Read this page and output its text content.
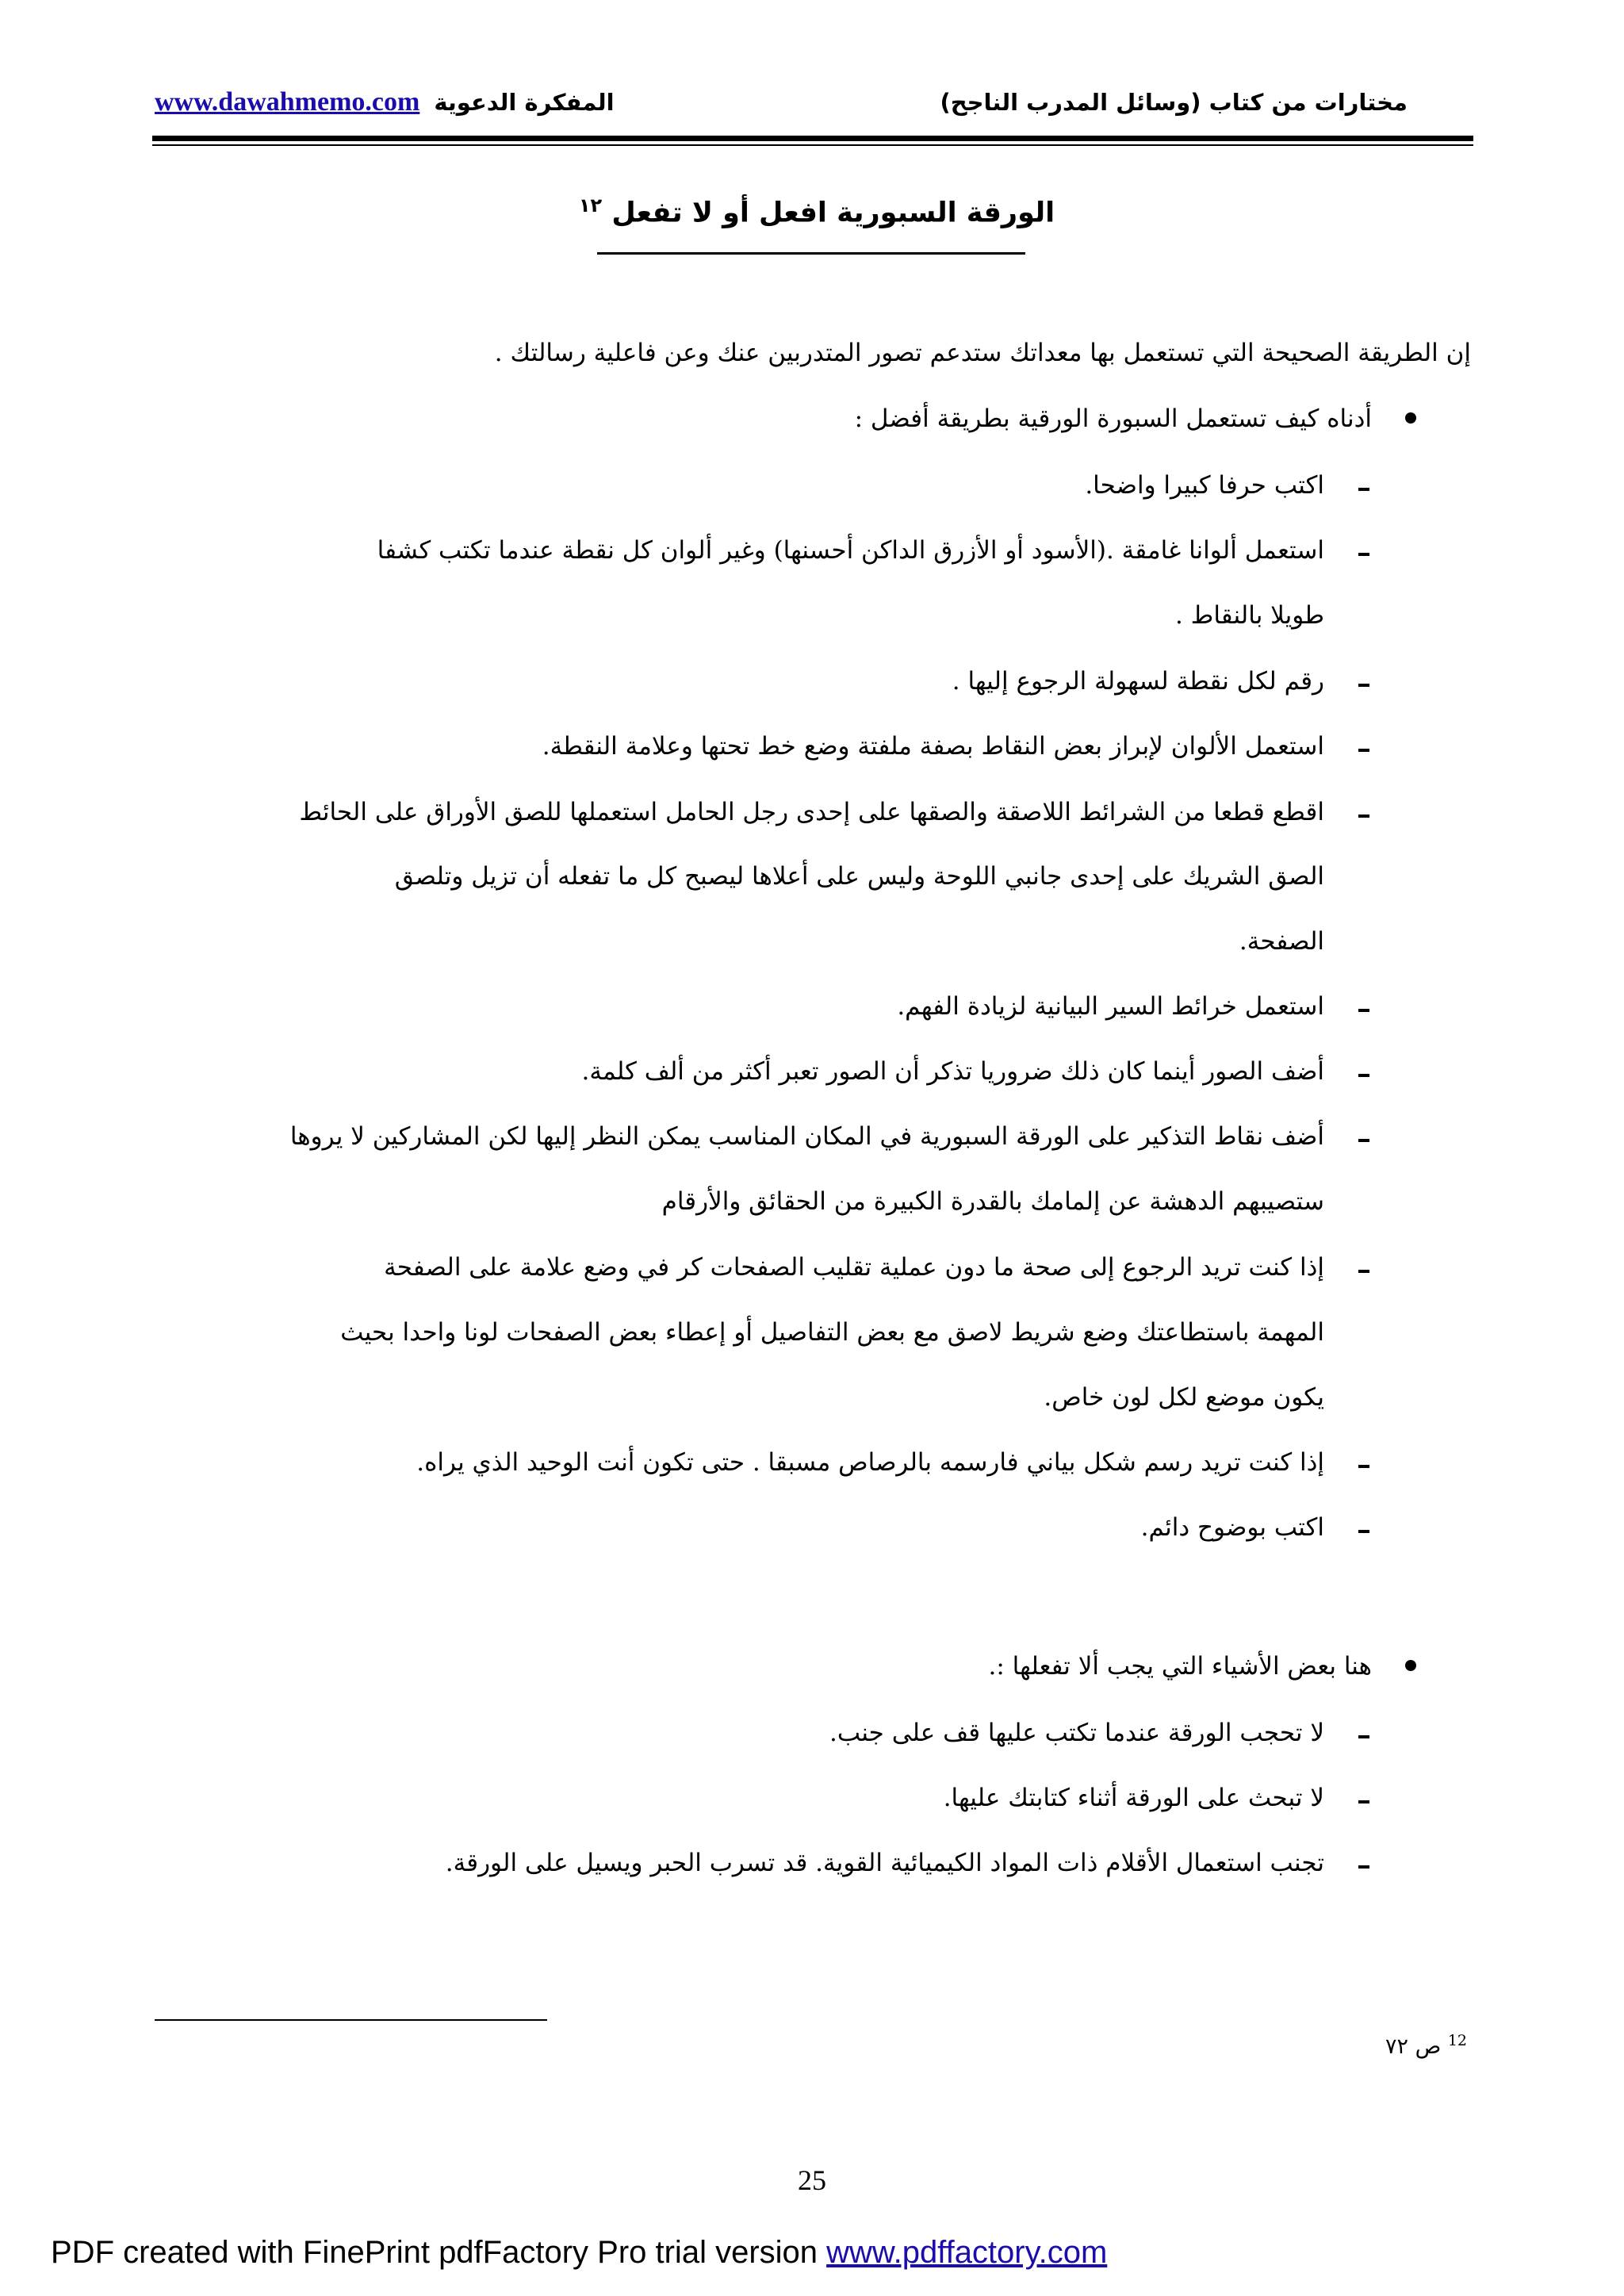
مختارات من كتاب (وسائل المدرب الناجح)
www.dawahmemo.com المفكرة الدعوية
الورقة السبورية افعل أو لا تفعل $^{١٢}$
إن الطريقة الصحيحة التي تستعمل بها معداتك ستدعم تصور المتدربين عنك وعن فاعلية رسالتك .
أدناه كيف تستعمل السبورة الورقية بطريقة أفضل :
اكتب حرفا كبيرا واضحا.
استعمل ألوانا غامقة .(الأسود أو الأزرق الداكن أحسنها) وغير ألوان كل نقطة عندما تكتب كشفا
طويلا بالنقاط .
رقم لكل نقطة لسهولة الرجوع إليها .
استعمل الألوان لإبراز بعض النقاط بصفة ملفتة وضع خط تحتها وعلامة النقطة.
اقطع قطعا من الشرائط اللاصقة والصقها على إحدى رجل الحامل استعملها للصق الأوراق على الحائط
الصق الشريك على إحدى جانبي اللوحة وليس على أعلاها ليصبح كل ما تفعله أن تزيل وتلصق
الصفحة.
استعمل خرائط السير البيانية لزيادة الفهم.
أضف الصور أينما كان ذلك ضروريا تذكر أن الصور تعبر أكثر من ألف كلمة.
أضف نقاط التذكير على الورقة السبورية في المكان المناسب يمكن النظر إليها لكن المشاركين لا يروها
ستصيبهم الدهشة عن إلمامك بالقدرة الكبيرة من الحقائق والأرقام
إذا كنت تريد الرجوع إلى صحة ما دون عملية تقليب الصفحات كر في وضع علامة على الصفحة
المهمة باستطاعتك وضع شريط لاصق مع بعض التفاصيل أو إعطاء بعض الصفحات لونا واحدا بحيث
يكون موضع لكل لون خاص.
إذا كنت تريد رسم شكل بياني فارسمه بالرصاص مسبقا . حتى تكون أنت الوحيد الذي يراه.
اكتب بوضوح دائم.
هنا بعض الأشياء التي يجب ألا تفعلها :.
لا تحجب الورقة عندما تكتب عليها قف على جنب.
لا تبحث على الورقة أثناء كتابتك عليها.
تجنب استعمال الأقلام ذات المواد الكيميائية القوية. قد تسرب الحبر ويسيل على الورقة.
$^{12}$ ص ٧٢
25
PDF created with FinePrint pdfFactory Pro trial version www.pdffactory.com
